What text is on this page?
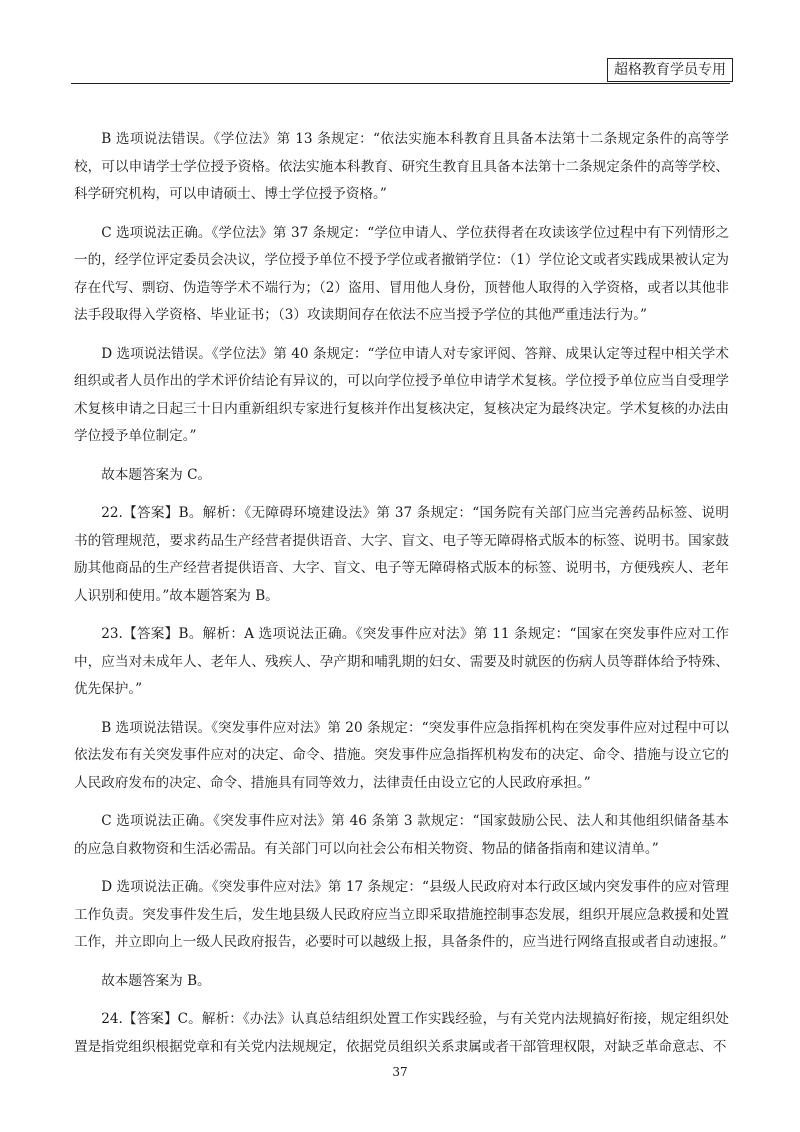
超格教育学员专用

B 选项说法错误。《学位法》第 13 条规定：“依法实施本科教育且具备本法第十二条规定条件的高等学校，可以申请学士学位授予资格。依法实施本科教育、研究生教育且具备本法第十二条规定条件的高等学校、科学研究机构，可以申请硕士、博士学位授予资格。”

C 选项说法正确。《学位法》第 37 条规定：“学位申请人、学位获得者在攻读该学位过程中有下列情形之一的，经学位评定委员会决议，学位授予单位不授予学位或者撤销学位：（1）学位论文或者实践成果被认定为存在代写、剽窃、伪造等学术不端行为；（2）盗用、冒用他人身份，顶替他人取得的入学资格，或者以其他非法手段取得入学资格、毕业证书；（3）攻读期间存在依法不应当授予学位的其他严重违法行为。”

D 选项说法错误。《学位法》第 40 条规定：“学位申请人对专家评阅、答辩、成果认定等过程中相关学术组织或者人员作出的学术评价结论有异议的，可以向学位授予单位申请学术复核。学位授予单位应当自受理学术复核申请之日起三十日内重新组织专家进行复核并作出复核决定，复核决定为最终决定。学术复核的办法由学位授予单位制定。”

故本题答案为 C。

22.【答案】B。解析：《无障碍环境建设法》第 37 条规定：“国务院有关部门应当完善药品标签、说明书的管理规范，要求药品生产经营者提供语音、大字、盲文、电子等无障碍格式版本的标签、说明书。国家鼓励其他商品的生产经营者提供语音、大字、盲文、电子等无障碍格式版本的标签、说明书，方便残疾人、老年人识别和使用。”故本题答案为 B。

23.【答案】B。解析：A 选项说法正确。《突发事件应对法》第 11 条规定：“国家在突发事件应对工作中，应当对未成年人、老年人、残疾人、孕产期和哺乳期的妇女、需要及时就医的伤病人员等群体给予特殊、优先保护。”

B 选项说法错误。《突发事件应对法》第 20 条规定：“突发事件应急指挥机构在突发事件应对过程中可以依法发布有关突发事件应对的决定、命令、措施。突发事件应急指挥机构发布的决定、命令、措施与设立它的人民政府发布的决定、命令、措施具有同等效力，法律责任由设立它的人民政府承担。”

C 选项说法正确。《突发事件应对法》第 46 条第 3 款规定：“国家鼓励公民、法人和其他组织储备基本的应急自救物资和生活必需品。有关部门可以向社会公布相关物资、物品的储备指南和建议清单。”

D 选项说法正确。《突发事件应对法》第 17 条规定：“县级人民政府对本行政区域内突发事件的应对管理工作负责。突发事件发生后，发生地县级人民政府应当立即采取措施控制事态发展，组织开展应急救援和处置工作，并立即向上一级人民政府报告，必要时可以越级上报，具备条件的，应当进行网络直报或者自动速报。”

故本题答案为 B。

24.【答案】C。解析：《办法》认真总结组织处置工作实践经验，与有关党内法规搞好衔接，规定组织处置是指党组织根据党章和有关党内法规规定，依据党员组织关系隶属或者干部管理权限，对缺乏革命意志、不

37
